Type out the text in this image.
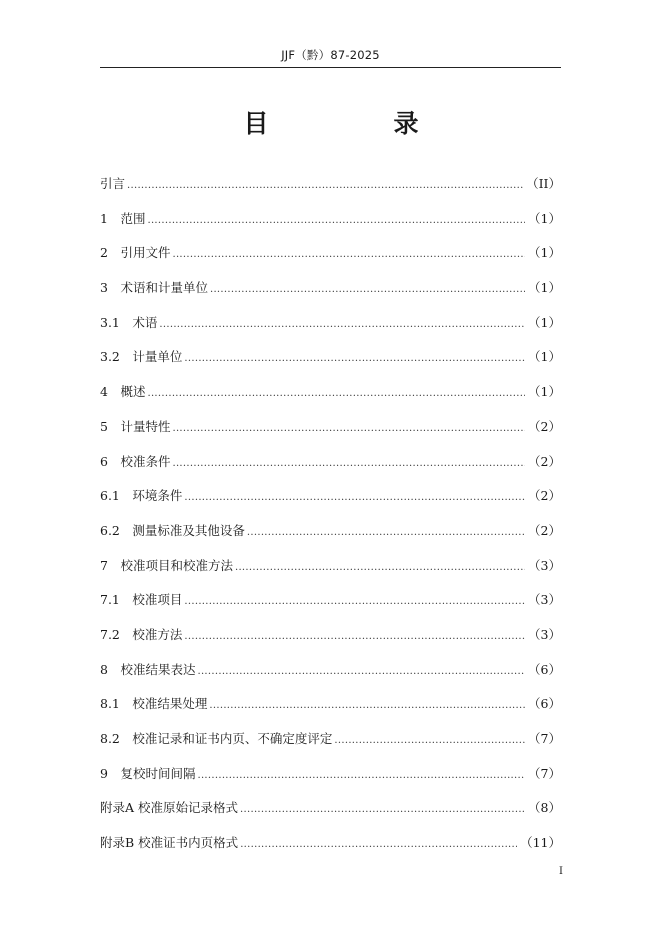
JJF（黔）87-2025
目　录
引言 .....	（II）
1　 范围 .....	（1）
2　 引用文件 .....	（1）
3　 术语和计量单位 .....	（1）
3.1　 术语 .....	（1）
3.2　 计量单位 .....	（1）
4　 概述 .....	（1）
5　 计量特性 .....	（2）
6　 校准条件 .....	（2）
6.1　 环境条件 .....	（2）
6.2　 测量标准及其他设备 .....	（2）
7　 校准项目和校准方法 .....	（3）
7.1　 校准项目 .....	（3）
7.2　 校准方法 .....	（3）
8　 校准结果表达 .....	（6）
8.1　 校准结果处理 .....	（6）
8.2　 校准记录和证书内页、不确定度评定 .....	（7）
9　 复校时间间隔 .....	（7）
附录A 校准原始记录格式 .....	（8）
附录B 校准证书内页格式 .....	（11）
I
